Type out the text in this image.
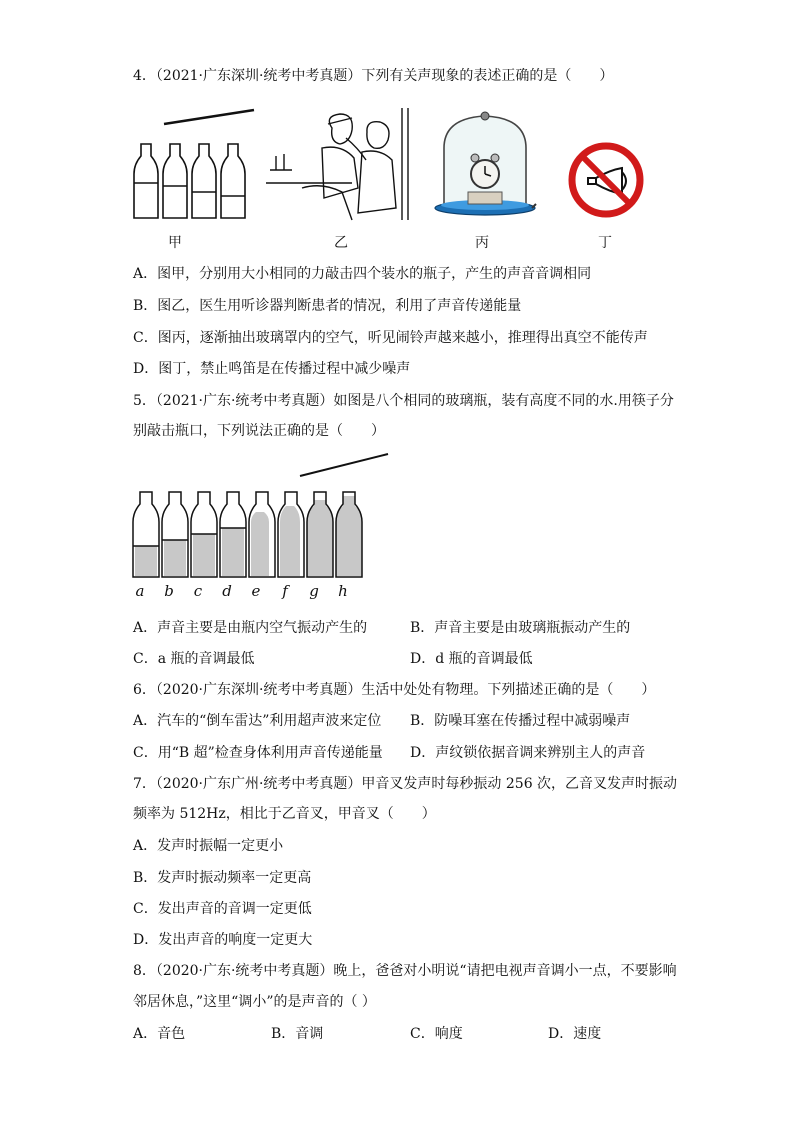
4．（2021·广东深圳·统考中考真题）下列有关声现象的表述正确的是（　　）
甲	乙	丙	丁
A．图甲，分别用大小相同的力敲击四个装水的瓶子，产生的声音音调相同
B．图乙，医生用听诊器判断患者的情况，利用了声音传递能量
C．图丙，逐渐抽出玻璃罩内的空气，听见闹铃声越来越小，推理得出真空不能传声
D．图丁，禁止鸣笛是在传播过程中减少噪声
5．（2021·广东·统考中考真题）如图是八个相同的玻璃瓶，装有高度不同的水.用筷子分
别敲击瓶口，下列说法正确的是（　　）
a	b	c	d	e	f	g	h
A．声音主要是由瓶内空气振动产生的	B．声音主要是由玻璃瓶振动产生的
C．a 瓶的音调最低	D．d 瓶的音调最低
6．（2020·广东深圳·统考中考真题）生活中处处有物理。下列描述正确的是（　　）
A．汽车的“倒车雷达”利用超声波来定位 B．防噪耳塞在传播过程中减弱噪声
C．用“B 超”检查身体利用声音传递能量 D．声纹锁依据音调来辨别主人的声音
7．（2020·广东广州·统考中考真题）甲音叉发声时每秒振动 256 次，乙音叉发声时振动
频率为 512Hz，相比于乙音叉，甲音叉（　　）
A．发声时振幅一定更小
B．发声时振动频率一定更高
C．发出声音的音调一定更低
D．发出声音的响度一定更大
8．（2020·广东·统考中考真题）晚上，爸爸对小明说“请把电视声音调小一点，不要影响
邻居休息，”这里“调小”的是声音的（ ）
A．音色	B．音调	C．响度	D．速度
